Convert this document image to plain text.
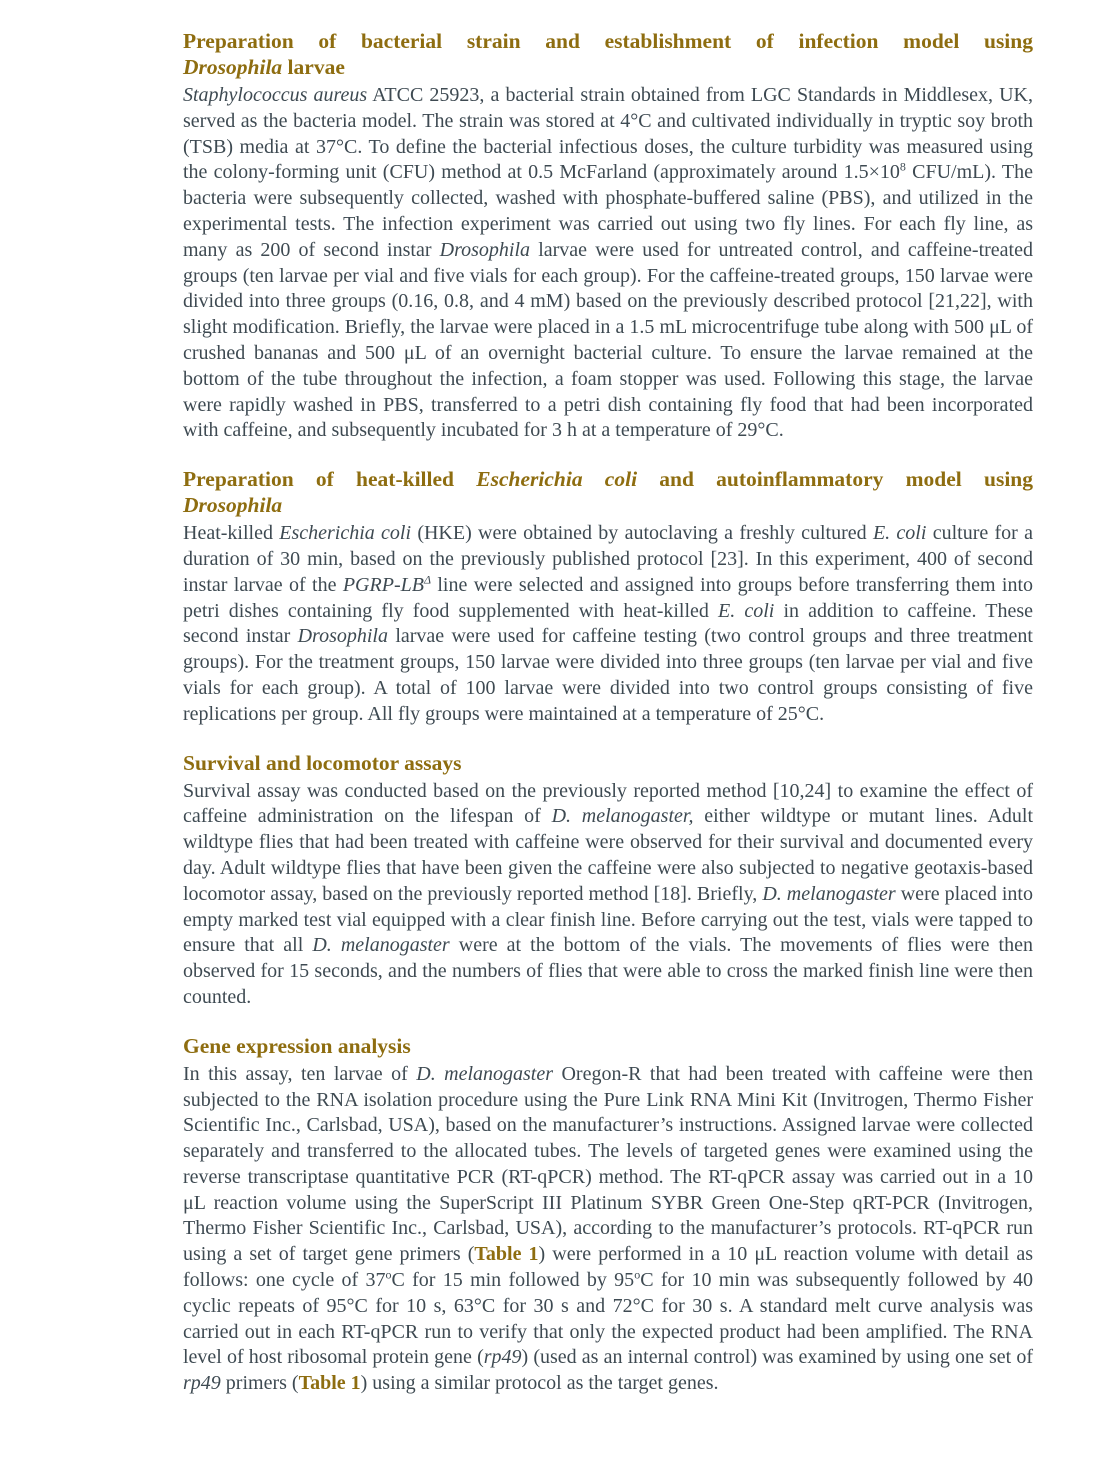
Preparation of bacterial strain and establishment of infection model using
Drosophila larvae

Staphylococcus aureus ATCC 25923, a bacterial strain obtained from LGC Standards in Middlesex, UK, served as the bacteria model. The strain was stored at 4°C and cultivated individually in tryptic soy broth (TSB) media at 37°C. To define the bacterial infectious doses, the culture turbidity was measured using the colony-forming unit (CFU) method at 0.5 McFarland (approximately around $1.5\times 10^8$ CFU/mL). The bacteria were subsequently collected, washed with phosphate-buffered saline (PBS), and utilized in the experimental tests. The infection experiment was carried out using two fly lines. For each fly line, as many as 200 of second instar Drosophila larvae were used for untreated control, and caffeine-treated groups (ten larvae per vial and five vials for each group). For the caffeine-treated groups, 150 larvae were divided into three groups (0.16, 0.8, and 4 mM) based on the previously described protocol [21,22], with slight modification. Briefly, the larvae were placed in a 1.5 mL microcentrifuge tube along with 500 μL of crushed bananas and 500 μL of an overnight bacterial culture. To ensure the larvae remained at the bottom of the tube throughout the infection, a foam stopper was used. Following this stage, the larvae were rapidly washed in PBS, transferred to a petri dish containing fly food that had been incorporated with caffeine, and subsequently incubated for 3 h at a temperature of 29°C.

Preparation of heat-killed Escherichia coli and autoinflammatory model using
Drosophila

Heat-killed Escherichia coli (HKE) were obtained by autoclaving a freshly cultured E. coli culture for a duration of 30 min, based on the previously published protocol [23]. In this experiment, 400 of second instar larvae of the PGRP-$LB^\Delta$ line were selected and assigned into groups before transferring them into petri dishes containing fly food supplemented with heat-killed E. coli in addition to caffeine. These second instar Drosophila larvae were used for caffeine testing (two control groups and three treatment groups). For the treatment groups, 150 larvae were divided into three groups (ten larvae per vial and five vials for each group). A total of 100 larvae were divided into two control groups consisting of five replications per group. All fly groups were maintained at a temperature of 25°C.

Survival and locomotor assays

Survival assay was conducted based on the previously reported method [10,24] to examine the effect of caffeine administration on the lifespan of D. melanogaster, either wildtype or mutant lines. Adult wildtype flies that had been treated with caffeine were observed for their survival and documented every day. Adult wildtype flies that have been given the caffeine were also subjected to negative geotaxis-based locomotor assay, based on the previously reported method [18]. Briefly, D. melanogaster were placed into empty marked test vial equipped with a clear finish line. Before carrying out the test, vials were tapped to ensure that all D. melanogaster were at the bottom of the vials. The movements of flies were then observed for 15 seconds, and the numbers of flies that were able to cross the marked finish line were then counted.

Gene expression analysis

In this assay, ten larvae of D. melanogaster Oregon-R that had been treated with caffeine were then subjected to the RNA isolation procedure using the Pure Link RNA Mini Kit (Invitrogen, Thermo Fisher Scientific Inc., Carlsbad, USA), based on the manufacturer’s instructions. Assigned larvae were collected separately and transferred to the allocated tubes. The levels of targeted genes were examined using the reverse transcriptase quantitative PCR (RT-qPCR) method. The RT-qPCR assay was carried out in a 10 μL reaction volume using the SuperScript III Platinum SYBR Green One-Step qRT-PCR (Invitrogen, Thermo Fisher Scientific Inc., Carlsbad, USA), according to the manufacturer’s protocols. RT-qPCR run using a set of target gene primers (Table 1) were performed in a 10 μL reaction volume with detail as follows: one cycle of 37$^o$C for 15 min followed by 95$^o$C for 10 min was subsequently followed by 40 cyclic repeats of 95°C for 10 s, 63°C for 30 s and 72°C for 30 s. A standard melt curve analysis was carried out in each RT-qPCR run to verify that only the expected product had been amplified. The RNA level of host ribosomal protein gene (rp49) (used as an internal control) was examined by using one set of rp49 primers (Table 1) using a similar protocol as the target genes.
